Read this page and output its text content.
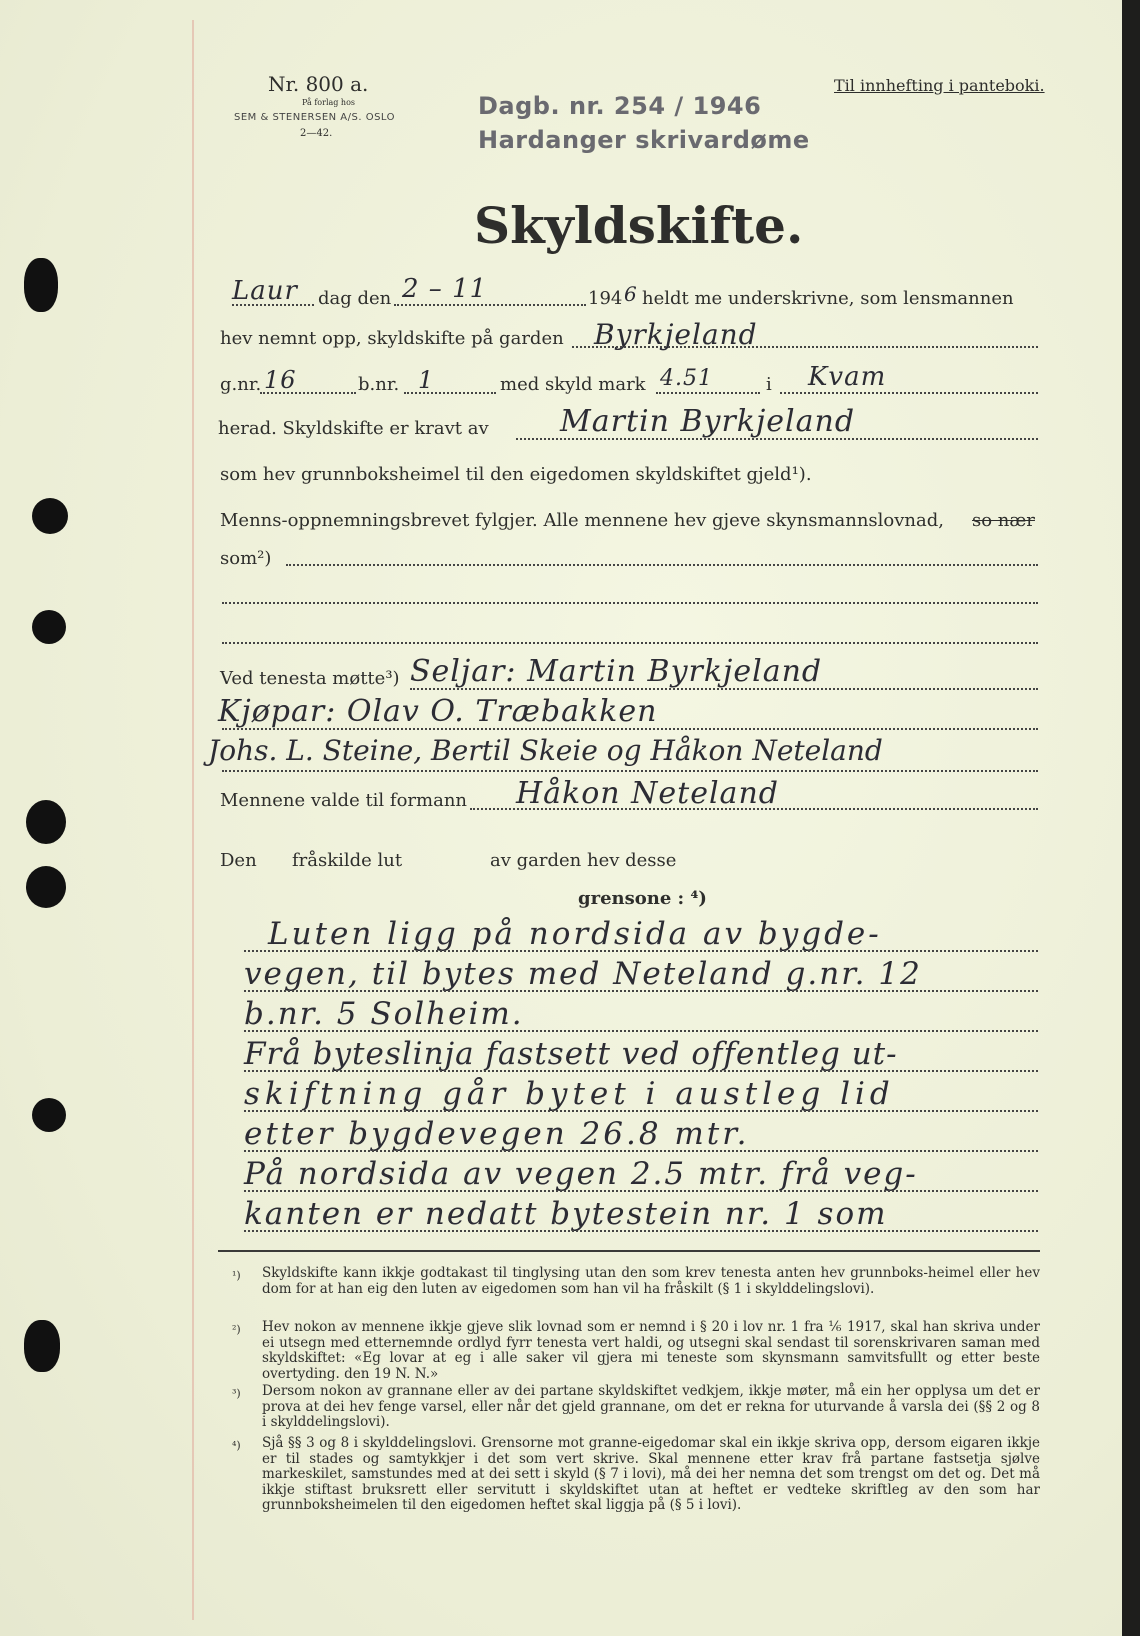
Nr. 800 a.
På forlag hos
SEM & STENERSEN A/S. OSLO
2—42.
Dagb. nr. 254 / 1946
Hardanger skrivardøme
Til innhefting i panteboki.
Skyldskifte.
Laur dag den 2 – 11	194 6 heldt me underskrivne, som lensmannen
hev nemnt opp, skyldskifte på garden Byrkjeland
g.nr. 16	b.nr. 1	med skyld mark 4.51	i Kvam
herad. Skyldskifte er kravt av Martin Byrkjeland
som hev grunnboksheimel til den eigedomen skyldskiftet gjeld¹).
Menns-oppnemningsbrevet fylgjer. Alle mennene hev gjeve skynsmannslovnad, so nær
som²)
Ved tenesta møtte³) Seljar: Martin Byrkjeland
Kjøpar: Olav O. Træbakken
Johs. L. Steine, Bertil Skeie og Håkon Neteland
Mennene valde til formann Håkon Neteland
Den fråskilde lut	av garden hev desse
grensone : ⁴)
Luten ligg på nordsida av bygde-
vegen, til bytes med Neteland g.nr. 12
b.nr. 5 Solheim.
Frå byteslinja fastsett ved offentleg ut-
skiftning går bytet i austleg lid
etter bygdevegen 26.8 mtr.
På nordsida av vegen 2.5 mtr. frå veg-
kanten er nedatt bytestein nr. 1 som
¹) Skyldskifte kann ikkje godtakast til tinglysing utan den som krev tenesta anten hev grunnboks-heimel eller hev dom for at han eig den luten av eigedomen som han vil ha fråskilt (§ 1 i skylddelingslovi).
²) Hev nokon av mennene ikkje gjeve slik lovnad som er nemnd i § 20 i lov nr. 1 fra ⅙ 1917, skal han skriva under ei utsegn med etternemnde ordlyd fyrr tenesta vert haldi, og utsegni skal sendast til sorenskrivaren saman med skyldskiftet: «Eg lovar at eg i alle saker vil gjera mi teneste som skynsmann samvitsfullt og etter beste overtyding. den 19 N. N.»
³) Dersom nokon av grannane eller av dei partane skyldskiftet vedkjem, ikkje møter, må ein her opplysa um det er prova at dei hev fenge varsel, eller når det gjeld grannane, om det er rekna for uturvande å varsla dei (§§ 2 og 8 i skylddelingslovi).
⁴) Sjå §§ 3 og 8 i skylddelingslovi. Grensorne mot granne-eigedomar skal ein ikkje skriva opp, dersom eigaren ikkje er til stades og samtykkjer i det som vert skrive. Skal mennene etter krav frå partane fastsetja sjølve markeskilet, samstundes med at dei sett i skyld (§ 7 i lovi), må dei her nemna det som trengst om det og. Det må ikkje stiftast bruksrett eller servitutt i skyldskiftet utan at heftet er vedteke skriftleg av den som har grunnboksheimelen til den eigedomen heftet skal liggja på (§ 5 i lovi).
